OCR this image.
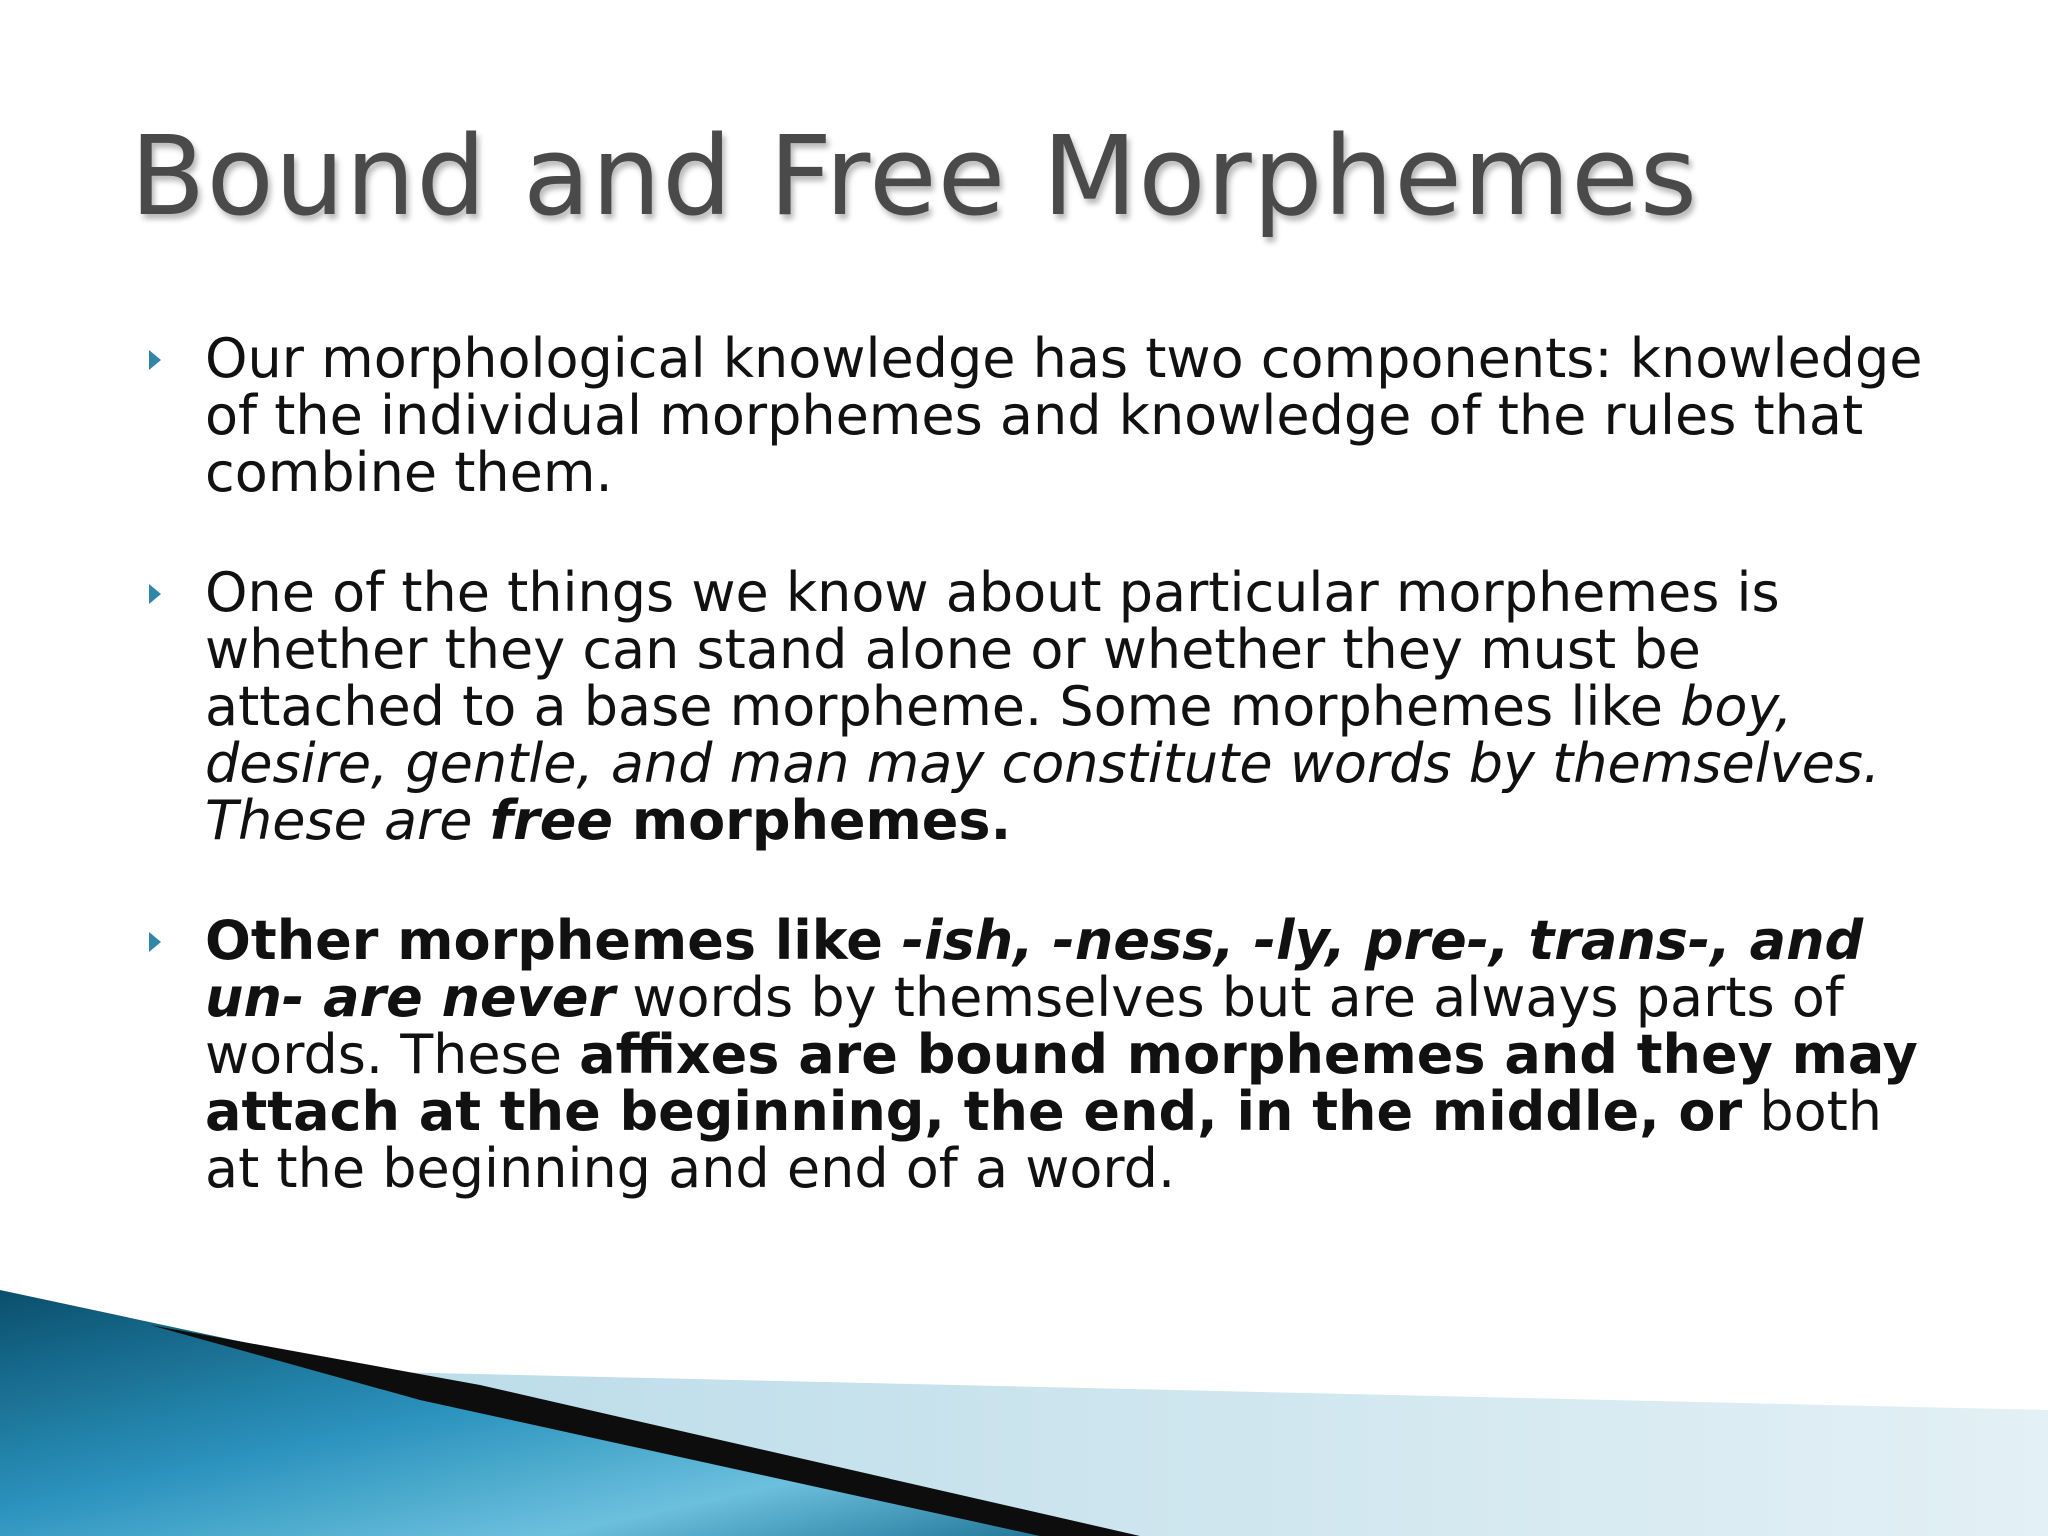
Bound and Free Morphemes
Our morphological knowledge has two components: knowledge of the individual morphemes and knowledge of the rules that combine them.
One of the things we know about particular morphemes is whether they can stand alone or whether they must be attached to a base morpheme. Some morphemes like boy, desire, gentle, and man may constitute words by themselves. These are free morphemes.
Other morphemes like -ish, -ness, -ly, pre-, trans-, and un- are never words by themselves but are always parts of words. These affixes are bound morphemes and they may attach at the beginning, the end, in the middle, or both at the beginning and end of a word.
